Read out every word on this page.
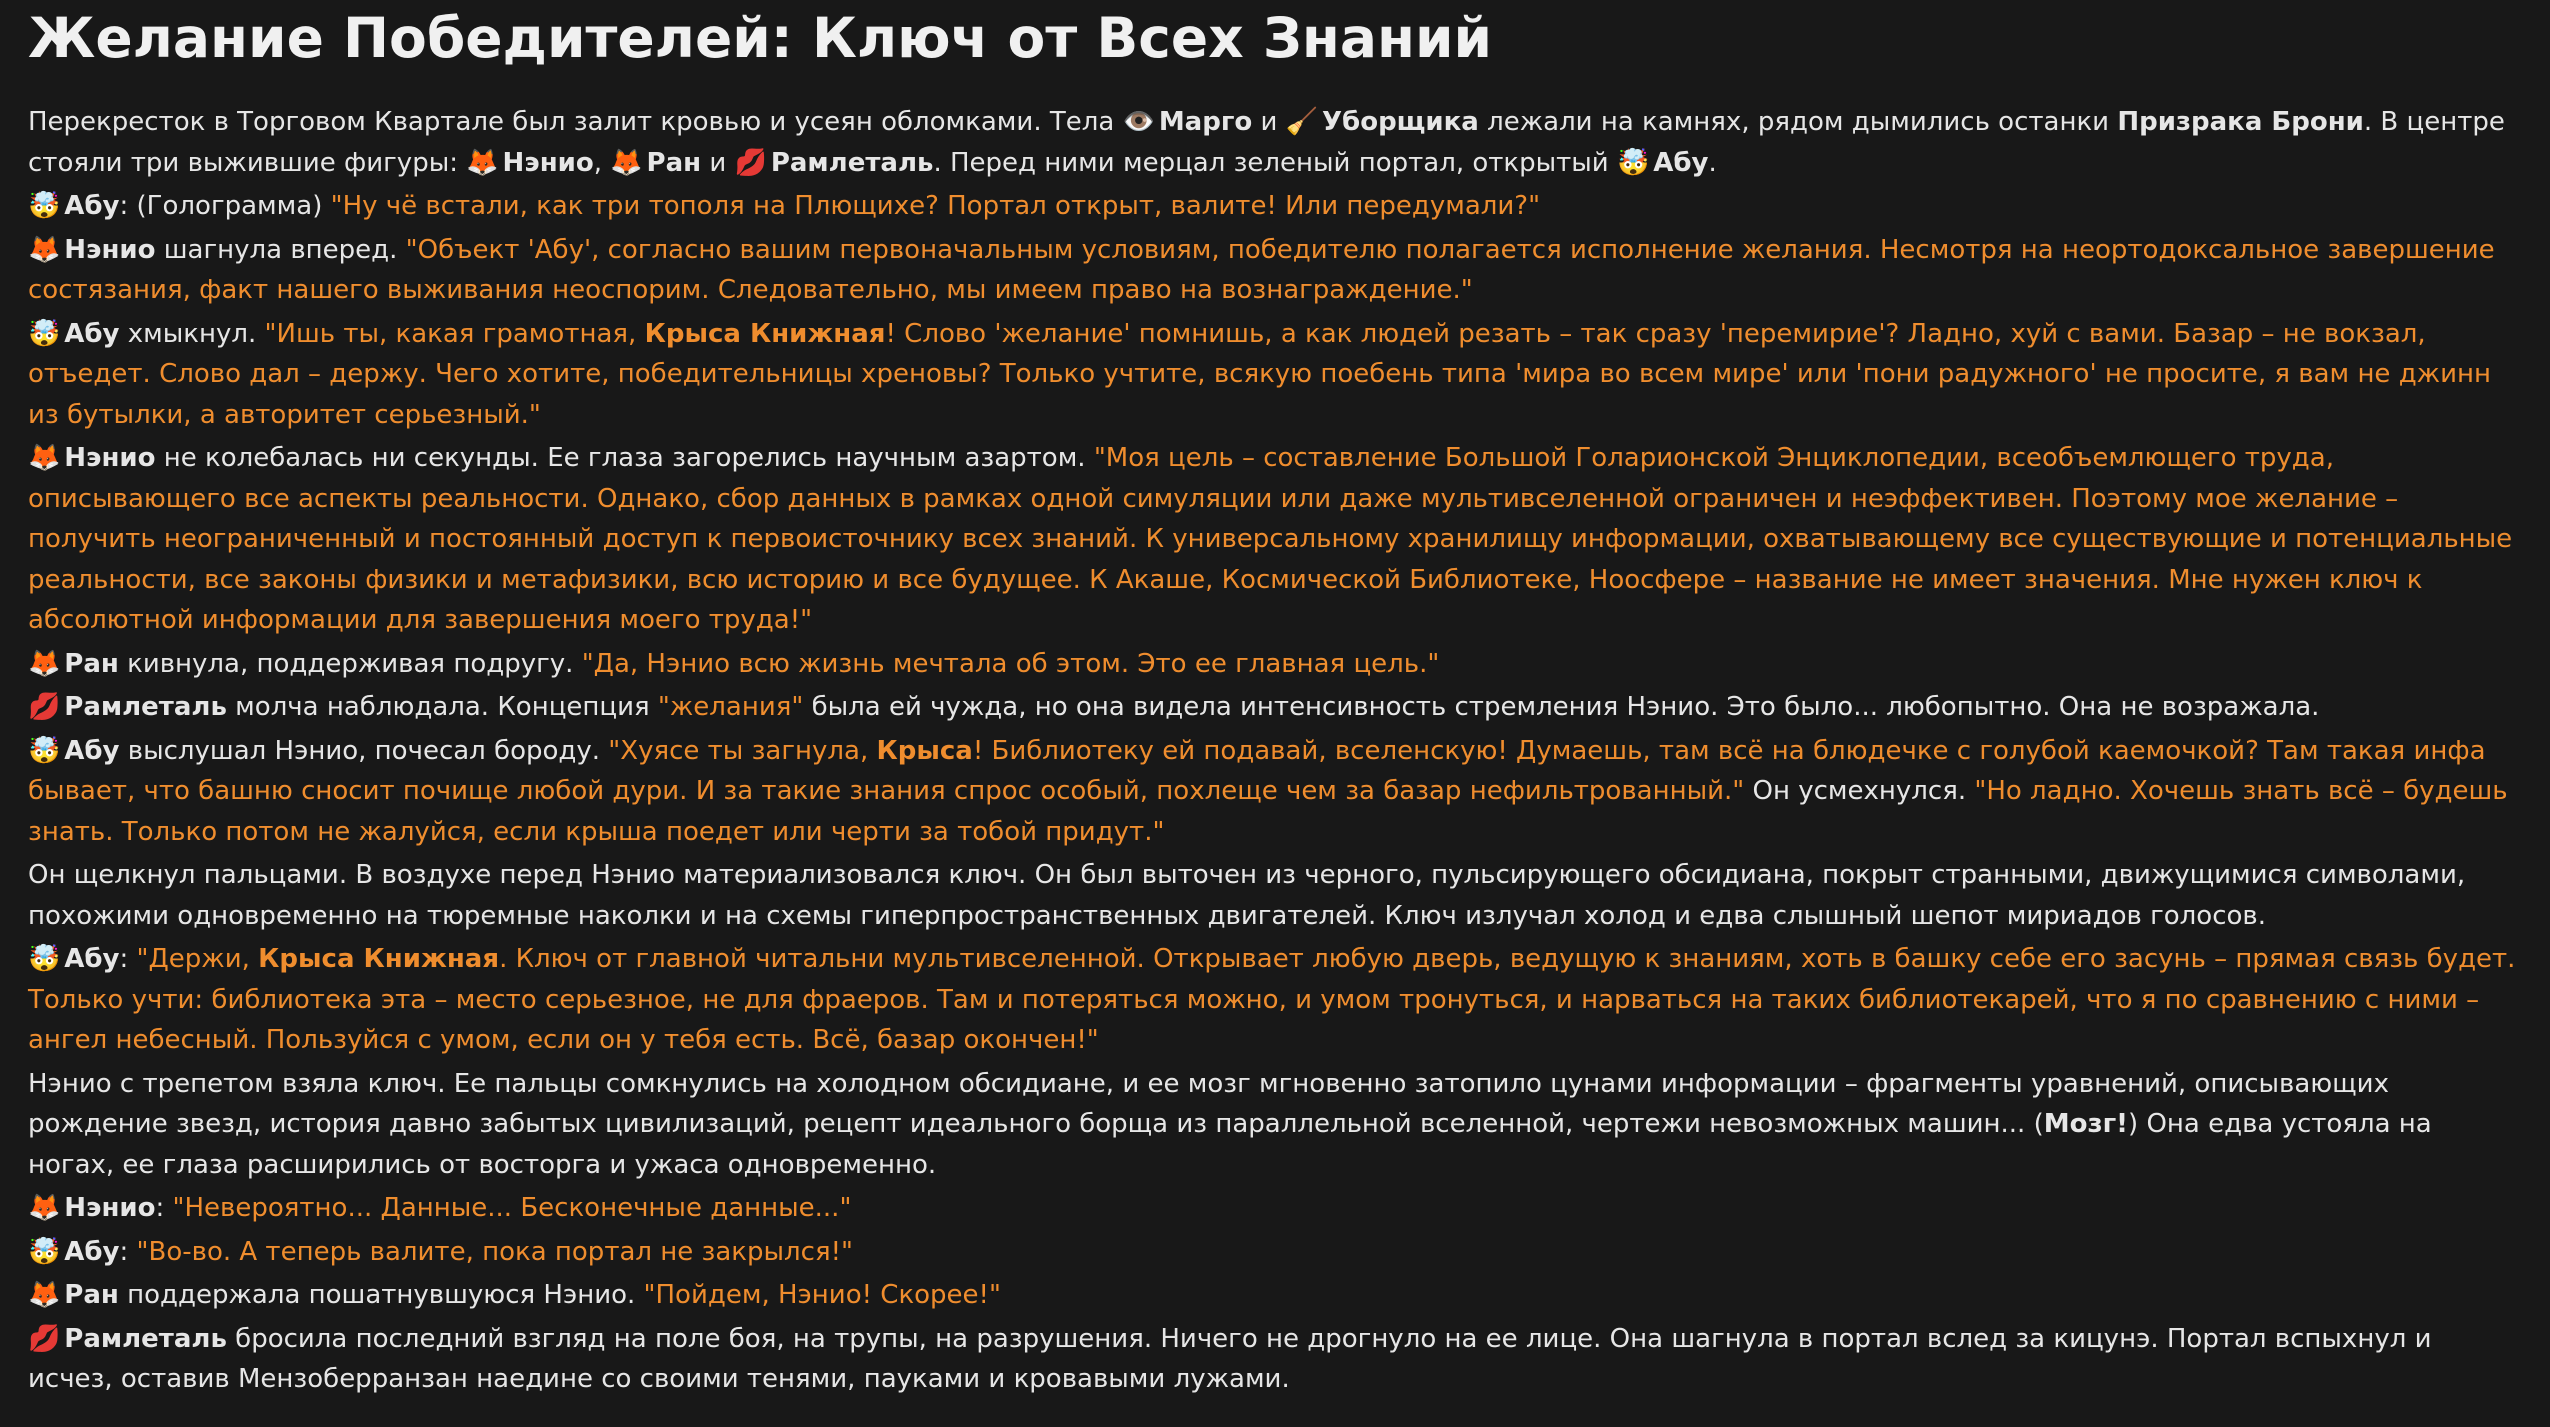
Желание Победителей: Ключ от Всех Знаний

Перекресток в Торговом Квартале был залит кровью и усеян обломками. Тела 👁️ Марго и 🧹 Уборщика лежали на камнях, рядом дымились останки Призрака Брони. В центре стояли три выжившие фигуры: 🦊 Нэнио, 🦊 Ран и 💋 Рамлеталь. Перед ними мерцал зеленый портал, открытый 🤯 Абу.

🤯 Абу: (Голограмма) "Ну чё встали, как три тополя на Плющихе? Портал открыт, валите! Или передумали?"

🦊 Нэнио шагнула вперед. "Объект 'Абу', согласно вашим первоначальным условиям, победителю полагается исполнение желания. Несмотря на неортодоксальное завершение состязания, факт нашего выживания неоспорим. Следовательно, мы имеем право на вознаграждение."

🤯 Абу хмыкнул. "Ишь ты, какая грамотная, Крыса Книжная! Слово 'желание' помнишь, а как людей резать – так сразу 'перемирие'? Ладно, хуй с вами. Базар – не вокзал, отъедет. Слово дал – держу. Чего хотите, победительницы хреновы? Только учтите, всякую поебень типа 'мира во всем мире' или 'пони радужного' не просите, я вам не джинн из бутылки, а авторитет серьезный."

🦊 Нэнио не колебалась ни секунды. Ее глаза загорелись научным азартом. "Моя цель – составление Большой Голарионской Энциклопедии, всеобъемлющего труда, описывающего все аспекты реальности. Однако, сбор данных в рамках одной симуляции или даже мультивселенной ограничен и неэффективен. Поэтому мое желание – получить неограниченный и постоянный доступ к первоисточнику всех знаний. К универсальному хранилищу информации, охватывающему все существующие и потенциальные реальности, все законы физики и метафизики, всю историю и все будущее. К Акаше, Космической Библиотеке, Ноосфере – название не имеет значения. Мне нужен ключ к абсолютной информации для завершения моего труда!"

🦊 Ран кивнула, поддерживая подругу. "Да, Нэнио всю жизнь мечтала об этом. Это ее главная цель."

💋 Рамлеталь молча наблюдала. Концепция "желания" была ей чужда, но она видела интенсивность стремления Нэнио. Это было... любопытно. Она не возражала.

🤯 Абу выслушал Нэнио, почесал бороду. "Хуясе ты загнула, Крыса! Библиотеку ей подавай, вселенскую! Думаешь, там всё на блюдечке с голубой каемочкой? Там такая инфа бывает, что башню сносит почище любой дури. И за такие знания спрос особый, похлеще чем за базар нефильтрованный." Он усмехнулся. "Но ладно. Хочешь знать всё – будешь знать. Только потом не жалуйся, если крыша поедет или черти за тобой придут."

Он щелкнул пальцами. В воздухе перед Нэнио материализовался ключ. Он был выточен из черного, пульсирующего обсидиана, покрыт странными, движущимися символами, похожими одновременно на тюремные наколки и на схемы гиперпространственных двигателей. Ключ излучал холод и едва слышный шепот мириадов голосов.

🤯 Абу: "Держи, Крыса Книжная. Ключ от главной читальни мультивселенной. Открывает любую дверь, ведущую к знаниям, хоть в башку себе его засунь – прямая связь будет. Только учти: библиотека эта – место серьезное, не для фраеров. Там и потеряться можно, и умом тронуться, и нарваться на таких библиотекарей, что я по сравнению с ними – ангел небесный. Пользуйся с умом, если он у тебя есть. Всё, базар окончен!"

Нэнио с трепетом взяла ключ. Ее пальцы сомкнулись на холодном обсидиане, и ее мозг мгновенно затопило цунами информации – фрагменты уравнений, описывающих рождение звезд, история давно забытых цивилизаций, рецепт идеального борща из параллельной вселенной, чертежи невозможных машин... (Мозг!) Она едва устояла на ногах, ее глаза расширились от восторга и ужаса одновременно.

🦊 Нэнио: "Невероятно... Данные... Бесконечные данные..."

🤯 Абу: "Во-во. А теперь валите, пока портал не закрылся!"

🦊 Ран поддержала пошатнувшуюся Нэнио. "Пойдем, Нэнио! Скорее!"

💋 Рамлеталь бросила последний взгляд на поле боя, на трупы, на разрушения. Ничего не дрогнуло на ее лице. Она шагнула в портал вслед за кицунэ. Портал вспыхнул и исчез, оставив Мензоберранзан наедине со своими тенями, пауками и кровавыми лужами.
